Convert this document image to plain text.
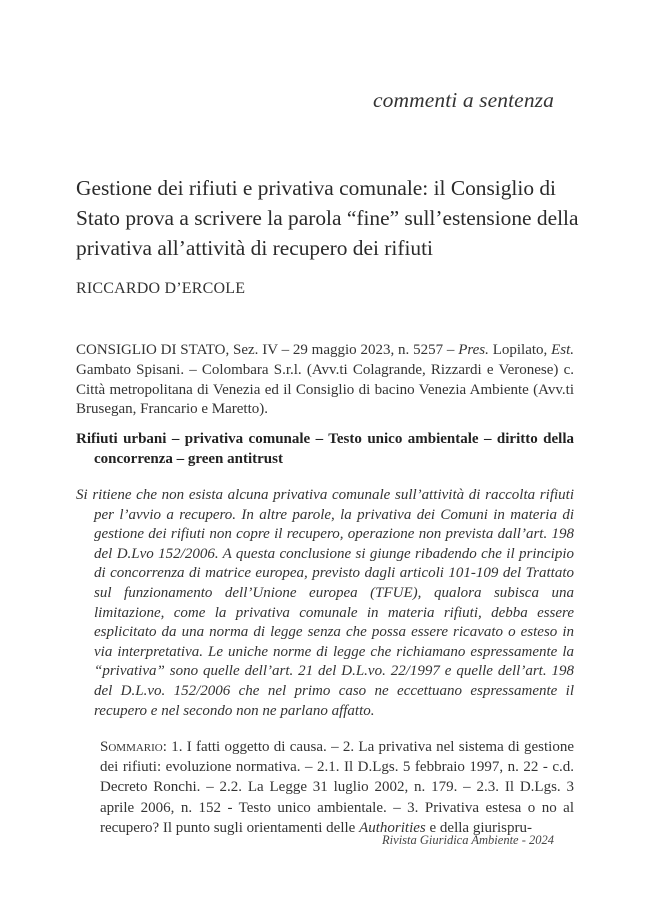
commenti a sentenza
Gestione dei rifiuti e privativa comunale: il Consiglio di Stato prova a scrivere la parola “fine” sull’estensione della privativa all’attività di recupero dei rifiuti
RICCARDO D’ERCOLE
CONSIGLIO DI STATO, Sez. IV – 29 maggio 2023, n. 5257 – Pres. Lopilato, Est. Gambato Spisani. – Colombara S.r.l. (Avv.ti Colagrande, Rizzardi e Veronese) c. Città metropolitana di Venezia ed il Consiglio di bacino Venezia Ambiente (Avv.ti Brusegan, Francario e Maretto).
Rifiuti urbani – privativa comunale – Testo unico ambientale – diritto della concorrenza – green antitrust
Si ritiene che non esista alcuna privativa comunale sull’attività di raccolta rifiuti per l’avvio a recupero. In altre parole, la privativa dei Comuni in materia di gestione dei rifiuti non copre il recupero, operazione non prevista dall’art. 198 del D.Lvo 152/2006. A questa conclusione si giunge ribadendo che il principio di concorrenza di matrice europea, previsto dagli articoli 101-109 del Trattato sul funzionamento dell’Unione europea (TFUE), qualora subisca una limitazione, come la privativa comunale in materia rifiuti, debba essere esplicitato da una norma di legge senza che possa essere ricavato o esteso in via interpretativa. Le uniche norme di legge che richiamano espressamente la “privativa” sono quelle dell’art. 21 del D.L.vo. 22/1997 e quelle dell’art. 198 del D.L.vo. 152/2006 che nel primo caso ne eccettuano espressamente il recupero e nel secondo non ne parlano affatto.

Sommario: 1. I fatti oggetto di causa. – 2. La privativa nel sistema di gestione dei rifiuti: evoluzione normativa. – 2.1. Il D.Lgs. 5 febbraio 1997, n. 22 - c.d. Decreto Ronchi. – 2.2. La Legge 31 luglio 2002, n. 179. – 2.3. Il D.Lgs. 3 aprile 2006, n. 152 - Testo unico ambientale. – 3. Privativa estesa o no al recupero? Il punto sugli orientamenti delle Authorities e della giurispru-

Rivista Giuridica Ambiente - 2024
